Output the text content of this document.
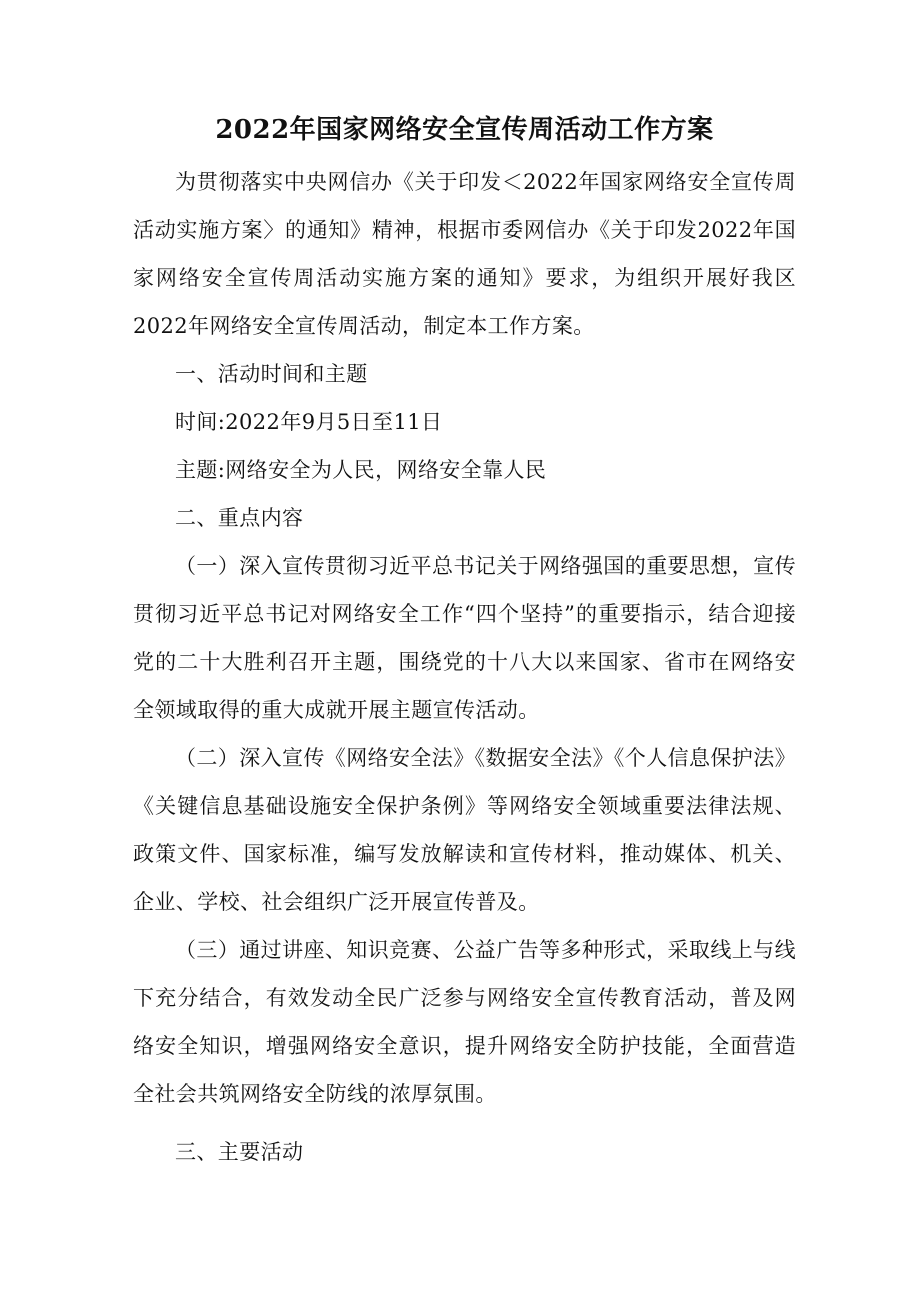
2022年国家网络安全宣传周活动工作方案

为贯彻落实中央网信办《关于印发＜2022年国家网络安全宣传周活动实施方案〉的通知》精神，根据市委网信办《关于印发2022年国家网络安全宣传周活动实施方案的通知》要求，为组织开展好我区2022年网络安全宣传周活动，制定本工作方案。

一、活动时间和主题

时间:2022年9月5日至11日

主题:网络安全为人民，网络安全靠人民

二、重点内容

（一）深入宣传贯彻习近平总书记关于网络强国的重要思想，宣传贯彻习近平总书记对网络安全工作“四个坚持”的重要指示，结合迎接党的二十大胜利召开主题，围绕党的十八大以来国家、省市在网络安全领域取得的重大成就开展主题宣传活动。

（二）深入宣传《网络安全法》《数据安全法》《个人信息保护法》《关键信息基础设施安全保护条例》等网络安全领域重要法律法规、政策文件、国家标准，编写发放解读和宣传材料，推动媒体、机关、企业、学校、社会组织广泛开展宣传普及。

（三）通过讲座、知识竞赛、公益广告等多种形式，采取线上与线下充分结合，有效发动全民广泛参与网络安全宣传教育活动，普及网络安全知识，增强网络安全意识，提升网络安全防护技能，全面营造全社会共筑网络安全防线的浓厚氛围。

三、主要活动
